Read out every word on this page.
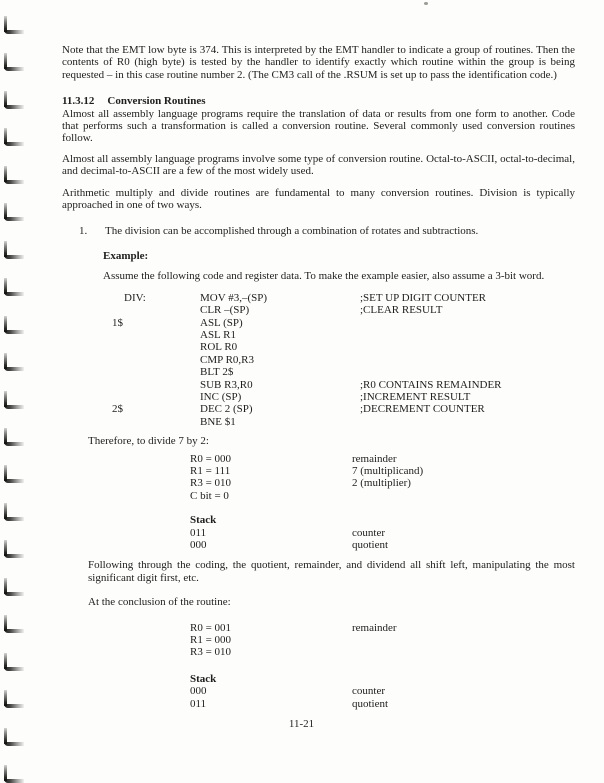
Note that the EMT low byte is 374. This is interpreted by the EMT handler to indicate a group of routines. Then the contents of R0 (high byte) is tested by the handler to identify exactly which routine within the group is being requested – in this case routine number 2. (The CM3 call of the .RSUM is set up to pass the identification code.)

11.3.12 Conversion Routines

Almost all assembly language programs require the translation of data or results from one form to another. Code that performs such a transformation is called a conversion routine. Several commonly used conversion routines follow.

Almost all assembly language programs involve some type of conversion routine. Octal-to-ASCII, octal-to-decimal, and decimal-to-ASCII are a few of the most widely used.

Arithmetic multiply and divide routines are fundamental to many conversion routines. Division is typically approached in one of two ways.

1.	The division can be accomplished through a combination of rotates and subtractions.

Example:

Assume the following code and register data. To make the example easier, also assume a 3-bit word.

DIV:	MOV #3,–(SP)	;SET UP DIGIT COUNTER
CLR –(SP)	;CLEAR RESULT
1$	ASL (SP)
ASL R1
ROL R0
CMP R0,R3
BLT 2$
SUB R3,R0	;R0 CONTAINS REMAINDER
INC (SP)	;INCREMENT RESULT
2$	DEC 2 (SP)	;DECREMENT COUNTER
BNE $1

Therefore, to divide 7 by 2:

R0 = 000	remainder
R1 = 111	7 (multiplicand)
R3 = 010	2 (multiplier)
C bit = 0
Stack
011	counter
000	quotient

Following through the coding, the quotient, remainder, and dividend all shift left, manipulating the most significant digit first, etc.

At the conclusion of the routine:

R0 = 001	remainder
R1 = 000
R3 = 010
Stack
000	counter
011	quotient
11-21
